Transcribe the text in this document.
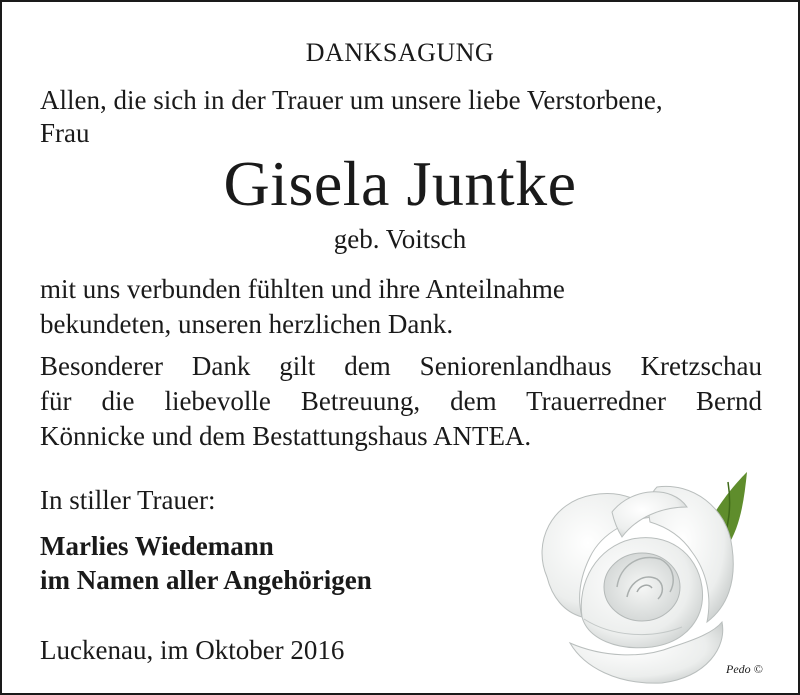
DANKSAGUNG

Allen, die sich in der Trauer um unsere liebe Verstorbene,

Frau

Gisela Juntke

geb. Voitsch

mit uns verbunden fühlten und ihre Anteilnahme

bekundeten, unseren herzlichen Dank.

Besonderer Dank gilt dem Seniorenlandhaus Kretzschau

für die liebevolle Betreuung, dem Trauerredner Bernd

Könnicke und dem Bestattungshaus ANTEA.

In stiller Trauer:

Marlies Wiedemann

im Namen aller Angehörigen

Luckenau, im Oktober 2016

Pedo ©
